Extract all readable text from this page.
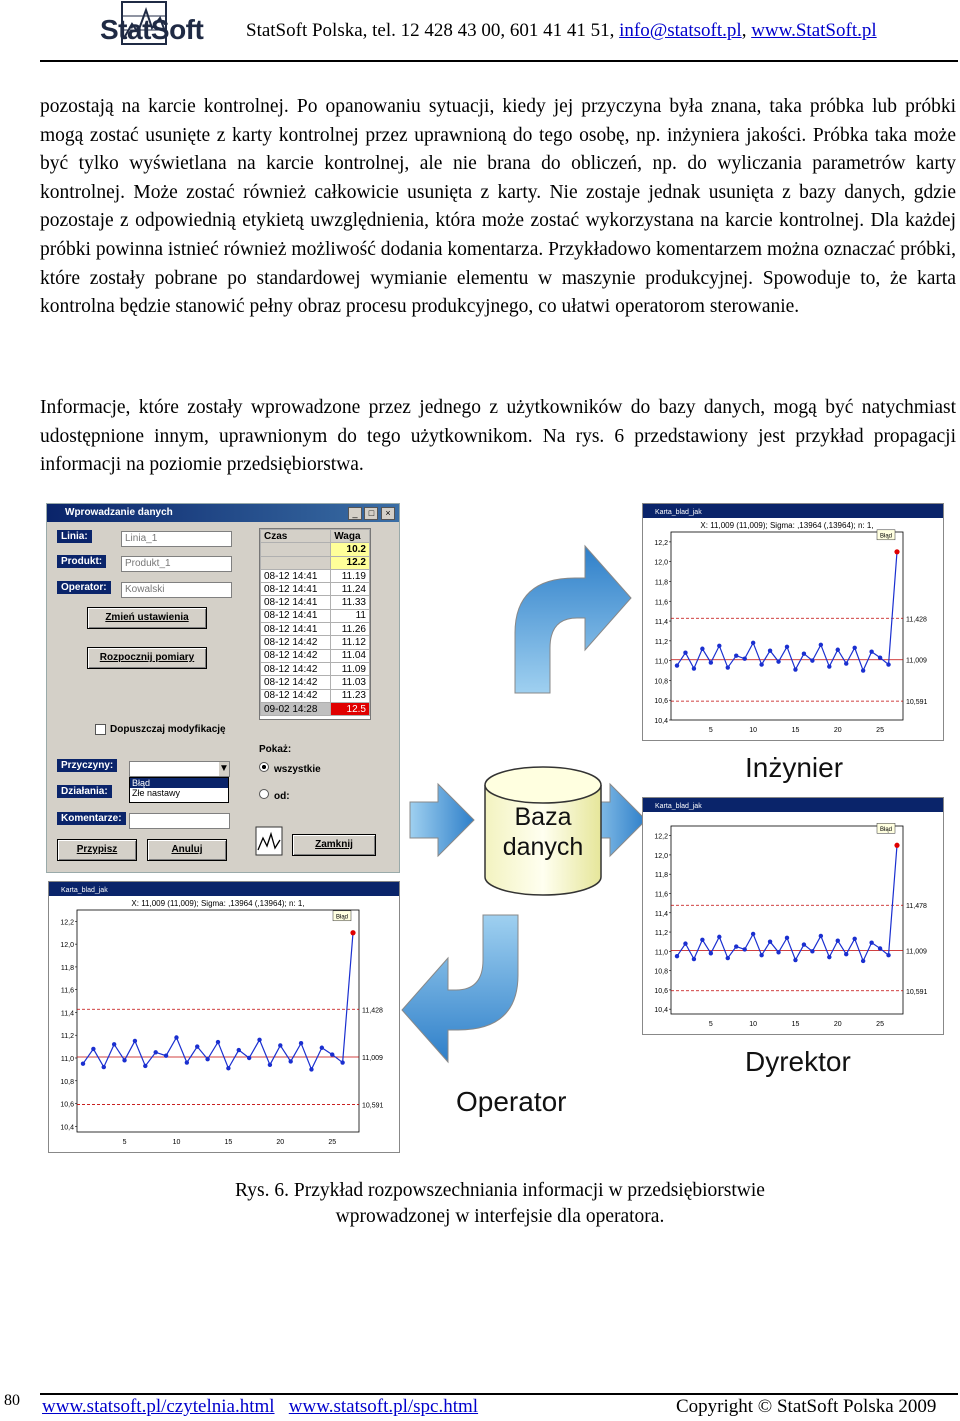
StatSoft StatSoft Polska, tel. 12 428 43 00, 601 41 41 51, info@statsoft.pl, www.StatSoft.pl
pozostają na karcie kontrolnej. Po opanowaniu sytuacji, kiedy jej przyczyna była znana, taka próbka lub próbki mogą zostać usunięte z karty kontrolnej przez uprawnioną do tego osobę, np. inżyniera jakości. Próbka taka może być tylko wyświetlana na karcie kontrolnej, ale nie brana do obliczeń, np. do wyliczania parametrów karty kontrolnej. Może zostać również całkowicie usunięta z karty. Nie zostaje jednak usunięta z bazy danych, gdzie pozostaje z odpowiednią etykietą uwzględnienia, która może zostać wykorzystana na karcie kontrolnej. Dla każdej próbki powinna istnieć również możliwość dodania komentarza. Przykładowo komentarzem można oznaczać próbki, które zostały pobrane po standardowej wymianie elementu w maszynie produkcyjnej. Spowoduje to, że karta kontrolna będzie stanowić pełny obraz procesu produkcyjnego, co ułatwi operatorom sterowanie.
Informacje, które zostały wprowadzone przez jednego z użytkowników do bazy danych, mogą być natychmiast udostępnione innym, uprawnionym do tego użytkownikom. Na rys. 6 przedstawiony jest przykład propagacji informacji na poziomie przedsiębiorstwa.
Wprowadzanie danych	_ □ ×
Linia:	Linia_1
Produkt:	Produkt_1
Operator:	Kowalski
Zmień ustawienia
Rozpocznij pomiary
Dopuszczaj modyfikację
Przyczyny:	▼
Błąd
Złe nastawy
Działania:
Komentarze:
Przypisz	Anuluj
Czas	Waga
	10.2
	12.2
08-12 14:41	11.19
08-12 14:41	11.24
08-12 14:41	11.33
08-12 14:41	11
08-12 14:41	11.26
08-12 14:42	11.12
08-12 14:42	11.04
08-12 14:42	11.09
08-12 14:42	11.03
08-12 14:42	11.23
09-02 14:28	12.5
Pokaż:
wszystkie
od:
Zamknij
Baza
danych
Inżynier
Dyrektor
Operator
Karta_blad_jak
X: 11,009 (11,009); Sigma: ,13964 (,13964); n: 1,
12,2
12,0
11,8
11,6
11,4
11,2
11,0
10,8
10,6
10,4
5	10	15	20	25
11,428
11,009
10,591
Błąd
Karta_blad_jak
12,2
12,0
11,8
11,6
11,4
11,2
11,0
10,8
10,6
10,4
5	10	15	20	25
11,478
11,009
10,591
Błąd
Karta_blad_jak
X: 11,009 (11,009); Sigma: ,13964 (,13964); n: 1,
12,2
12,0
11,8
11,6
11,4
11,2
11,0
10,8
10,6
10,4
5	10	15	20	25
11,428
11,009
10,591
Błąd
Rys. 6. Przykład rozpowszechniania informacji w przedsiębiorstwie
wprowadzonej w interfejsie dla operatora.
80 www.statsoft.pl/czytelnia.html www.statsoft.pl/spc.html	Copyright © StatSoft Polska 2009
